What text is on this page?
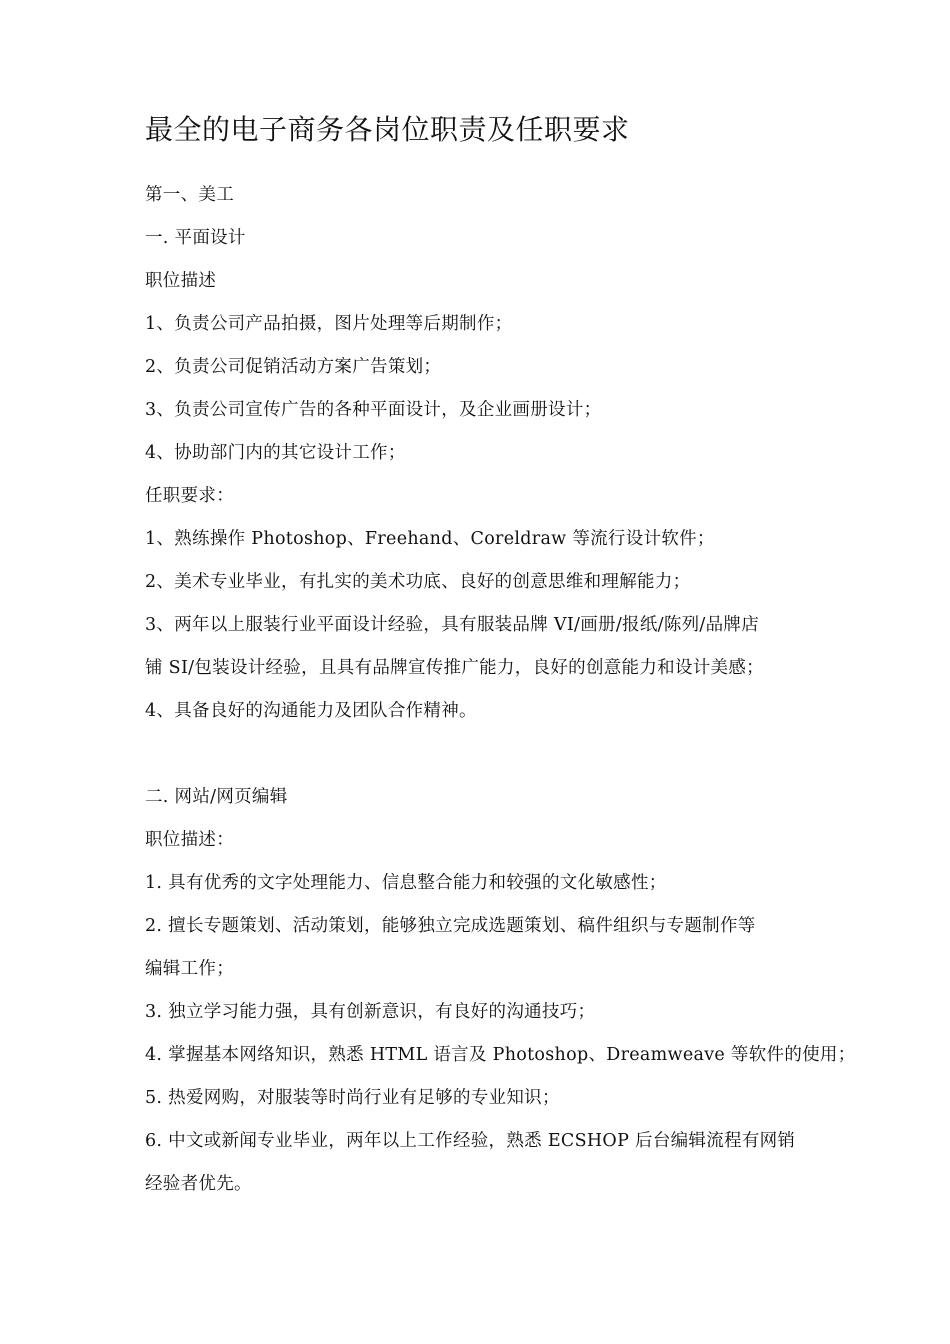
最全的电子商务各岗位职责及任职要求
第一、美工
一. 平面设计
职位描述
1、负责公司产品拍摄，图片处理等后期制作；
2、负责公司促销活动方案广告策划；
3、负责公司宣传广告的各种平面设计，及企业画册设计；
4、协助部门内的其它设计工作；
任职要求：
1、熟练操作 Photoshop、Freehand、Coreldraw 等流行设计软件；
2、美术专业毕业，有扎实的美术功底、良好的创意思维和理解能力；
3、两年以上服装行业平面设计经验，具有服装品牌 VI/画册/报纸/陈列/品牌店
铺 SI/包装设计经验，且具有品牌宣传推广能力，良好的创意能力和设计美感；
4、具备良好的沟通能力及团队合作精神。
二. 网站/网页编辑
职位描述：
1. 具有优秀的文字处理能力、信息整合能力和较强的文化敏感性；
2. 擅长专题策划、活动策划，能够独立完成选题策划、稿件组织与专题制作等
编辑工作；
3. 独立学习能力强，具有创新意识，有良好的沟通技巧；
4. 掌握基本网络知识，熟悉 HTML 语言及 Photoshop、Dreamweave 等软件的使用；
5. 热爱网购，对服装等时尚行业有足够的专业知识；
6. 中文或新闻专业毕业，两年以上工作经验，熟悉 ECSHOP 后台编辑流程有网销
经验者优先。
